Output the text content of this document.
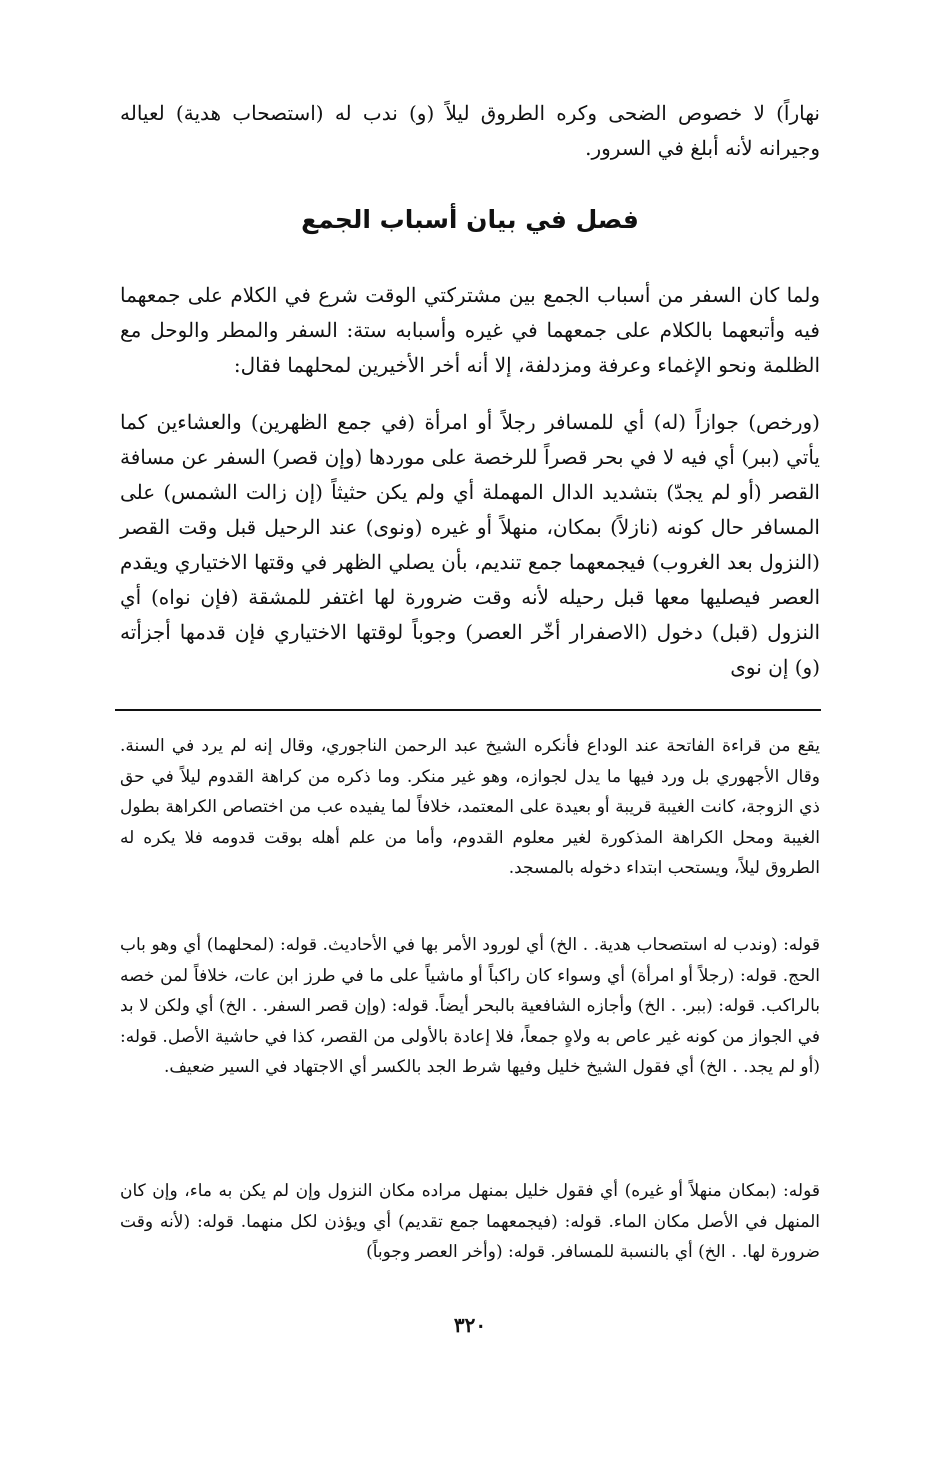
نهاراً) لا خصوص الضحى وكره الطروق ليلاً (و) ندب له (استصحاب هدية) لعياله وجيرانه لأنه أبلغ في السرور.

فصل في بيان أسباب الجمع

ولما كان السفر من أسباب الجمع بين مشتركتي الوقت شرع في الكلام على جمعهما فيه وأتبعهما بالكلام على جمعهما في غيره وأسبابه ستة: السفر والمطر والوحل مع الظلمة ونحو الإغماء وعرفة ومزدلفة، إلا أنه أخر الأخيرين لمحلهما فقال:

(ورخص) جوازاً (له) أي للمسافر رجلاً أو امرأة (في جمع الظهرين) والعشاءين كما يأتي (ببر) أي فيه لا في بحر قصراً للرخصة على موردها (وإن قصر) السفر عن مسافة القصر (أو لم يجدّ) بتشديد الدال المهملة أي ولم يكن حثيثاً (إن زالت الشمس) على المسافر حال كونه (نازلاً) بمكان، منهلاً أو غيره (ونوى) عند الرحيل قبل وقت القصر (النزول بعد الغروب) فيجمعهما جمع تنديم، بأن يصلي الظهر في وقتها الاختياري ويقدم العصر فيصليها معها قبل رحيله لأنه وقت ضرورة لها اغتفر للمشقة (فإن نواه) أي النزول (قبل) دخول (الاصفرار أخّر العصر) وجوباً لوقتها الاختياري فإن قدمها أجزأته (و) إن نوى

يقع من قراءة الفاتحة عند الوداع فأنكره الشيخ عبد الرحمن الناجوري، وقال إنه لم يرد في السنة. وقال الأجهوري بل ورد فيها ما يدل لجوازه، وهو غير منكر. وما ذكره من كراهة القدوم ليلاً في حق ذي الزوجة، كانت الغيبة قريبة أو بعيدة على المعتمد، خلافاً لما يفيده عب من اختصاص الكراهة بطول الغيبة ومحل الكراهة المذكورة لغير معلوم القدوم، وأما من علم أهله بوقت قدومه فلا يكره له الطروق ليلاً، ويستحب ابتداء دخوله بالمسجد.

قوله: (وندب له استصحاب هدية. . الخ) أي لورود الأمر بها في الأحاديث. قوله: (لمحلهما) أي وهو باب الحج. قوله: (رجلاً أو امرأة) أي وسواء كان راكباً أو ماشياً على ما في طرز ابن عات، خلافاً لمن خصه بالراكب. قوله: (ببر. . الخ) وأجازه الشافعية بالبحر أيضاً. قوله: (وإن قصر السفر. . الخ) أي ولكن لا بد في الجواز من كونه غير عاص به ولاهٍ جمعاً، فلا إعادة بالأولى من القصر، كذا في حاشية الأصل. قوله: (أو لم يجد. . الخ) أي فقول الشيخ خليل وفيها شرط الجد بالكسر أي الاجتهاد في السير ضعيف.

قوله: (بمكان منهلاً أو غيره) أي فقول خليل بمنهل مراده مكان النزول وإن لم يكن به ماء، وإن كان المنهل في الأصل مكان الماء. قوله: (فيجمعهما جمع تقديم) أي ويؤذن لكل منهما. قوله: (لأنه وقت ضرورة لها. . الخ) أي بالنسبة للمسافر. قوله: (وأخر العصر وجوباً)

٣٢٠
